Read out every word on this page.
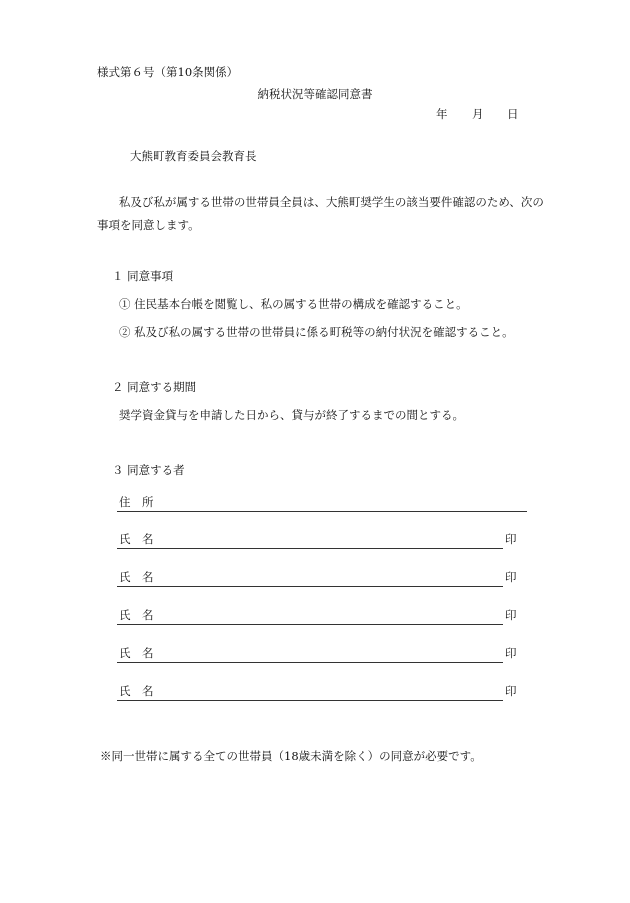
様式第６号（第10条関係）
納税状況等確認同意書
年 月 日
大熊町教育委員会教育長
私及び私が属する世帯の世帯員全員は、大熊町奨学生の該当要件確認のため、次の事項を同意します。
１ 同意事項
① 住民基本台帳を閲覧し、私の属する世帯の構成を確認すること。
② 私及び私の属する世帯の世帯員に係る町税等の納付状況を確認すること。
２ 同意する期間
奨学資金貸与を申請した日から、貸与が終了するまでの間とする。
３ 同意する者
住　所
氏　名	印
氏　名	印
氏　名	印
氏　名	印
氏　名	印
※同一世帯に属する全ての世帯員（18歳未満を除く）の同意が必要です。
